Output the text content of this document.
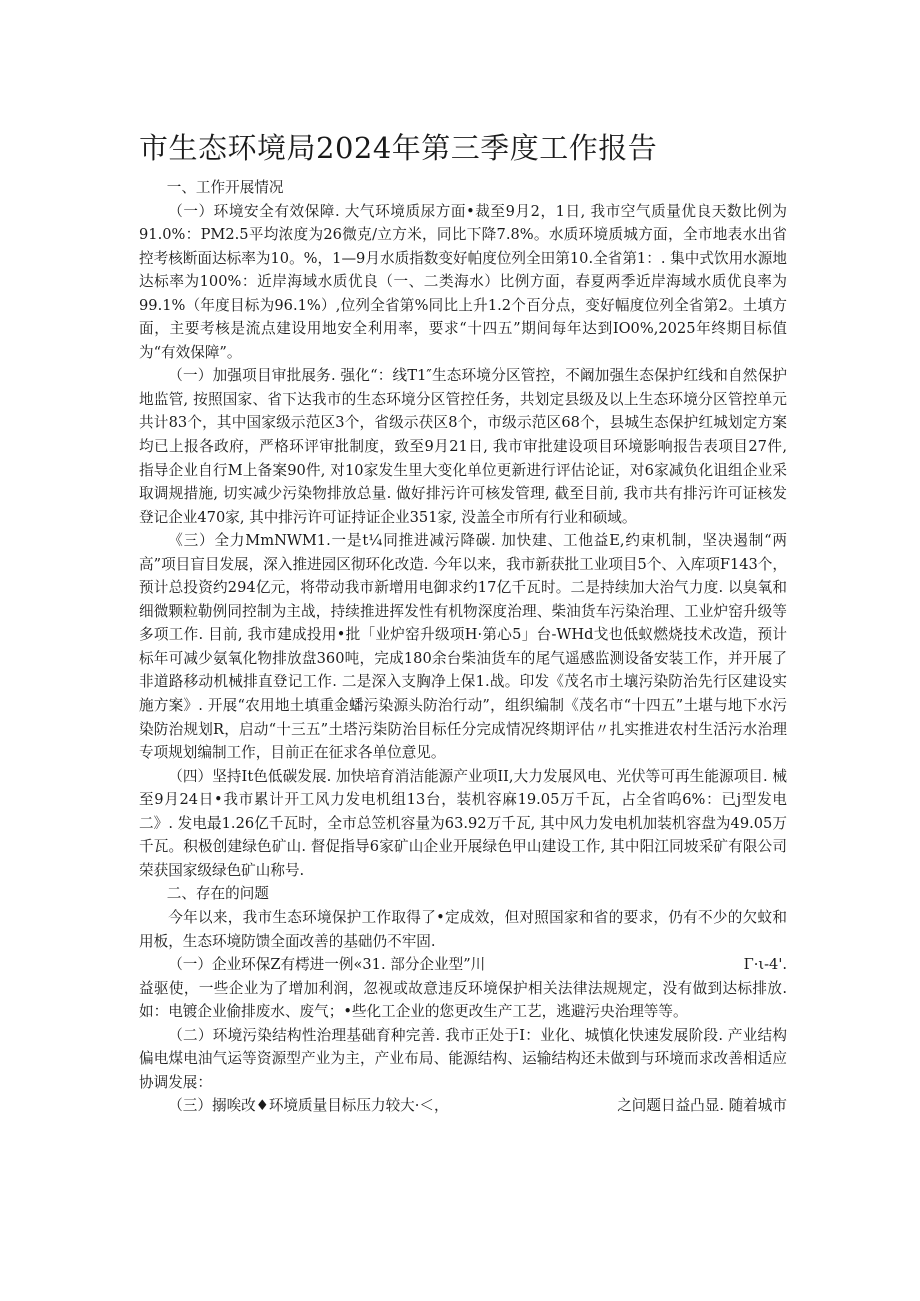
市生态环境局2024年第三季度工作报告

一、工作开展情况

（一）环境安全有效保障. 大气环境质尿方面•裁至9月2，1日, 我市空气质量优良天数比例为91.0%：PM2.5平均浓度为26微克/立方米，同比下降7.8%。水质环境质城方面，全市地表水出省控考核断面达标率为10。%，1—9月水质指数变好帕度位列全田第10.全省第1：. 集中式饮用水源地达标率为100%：近岸海域水质优良（一、二类海水）比例方面，春夏两季近岸海域水质优良率为99.1%（年度目标为96.1%）,位列全省第%同比上升1.2个百分点，变好幅度位列全省第2。土填方面，主要考核是流点建设用地安全利用率，要求“十四五”期间每年达到IO0%,2025年终期目标值为“有效保障”。

（一）加强项目审批展务. 强化“：线T1″生态环境分区管控，不阚加强生态保护红线和自然保护地监管, 按照国家、省下达我市的生态环境分区管控任务，共划定县级及以上生态环境分区管控单元共计83个，其中国家级示范区3个，省级示茯区8个，市级示范区68个，县城生态保护红城划定方案均已上报各政府，严格环评审批制度，致至9月21日, 我市审批建设项目环境影响报告表项目27件, 指导企业自行M上备案90件, 对10家发生里大变化单位更新进行评估论证，对6家减负化诅组企业采取调规措施, 切实减少污染物排放总量. 做好排污许可核发管理, 截至目前, 我市共有排污许可证核发登记企业470家, 其中排污许可证持证企业351家, 没盖全市所有行业和硕域。

《三）全力MmNWM1.一是t¼同推进减污降碳. 加快建、工他益E,约束机制，坚决遏制“两高”项目盲目发展，深入推进园区彻环化改造. 今年以来，我市新获批工业项目5个、入库项F143个，预计总投资约294亿元，将带动我市新增用电御求约17亿千瓦时。二是持续加大治气力度. 以臭氧和细微颗粒勒例同控制为主战，持续推进挥发性有机物深度治理、柴油货车污染治理、工业炉窑升级等多项工作. 目前, 我市建成投用•批「业炉窑升级项H·第心5」台-WHd戈也低蚁燃烧技术改造，预计标年可减少氨氧化物排放盘360吨，完成180余台柴油货车的尾气遥感监测设备安装工作，并开展了非道路移动机械排直登记工作. 二是深入支胸净上保1.战。印发《茂名市土壤污染防治先行区建设实施方案》. 开展“农用地土填重金蟠污染源头防治行动”，组织编制《茂名市“十四五”土堪与地下水污染防治规划R，启动“十三五”土塔污柒防治目标任分完成情况终期评估〃扎实推进农村生活污水治理专项规划编制工作，目前正在征求各单位意见。

（四）坚持It色低碳发展. 加快培育消洁能源产业项II,大力发展风电、光伏等可再生能源项目. 械至9月24日•我市累计开工风力发电机组13台，装机容麻19.05万千瓦，占全省呜6%：已j型发电二》. 发电最1.26亿千瓦时，全市总笠机容量为63.92万千瓦, 其中风力发电机加装机容盘为49.05万千瓦。积极创建绿色矿山. 督促指导6家矿山企业开展绿色甲山建设工作, 其中阳江同坡采矿有限公司荣获国家级绿色矿山称号.

二、存在的问题

今年以来，我市生态环境保护工作取得了•定成效，但对照国家和省的要求，仍有不少的欠蚊和用板，生态环境防馈全面改善的基础仍不牢固.

（一）企业环保Z有樗进一例«31. 部分企业型”川	Γ·ι-4'.

益驱使，一些企业为了增加利润，忽视或故意违反环境保护相关法律法规规定，没有做到达标排放. 如：电镀企业偷排废水、废气；•些化工企业的您更改生产工艺，逃避污央治理等等。

（二）环境污染结构性治理基础育种完善. 我市正处于I：业化、城慎化快速发展阶段. 产业结构偏电煤电油气运等资源型产业为主，产业布局、能源结构、运输结构还未做到与环境而求改善相适应协调发展：

（三）搦唉改♦环境质量目标压力较大·＜，	之问题日益凸显. 随着城市
